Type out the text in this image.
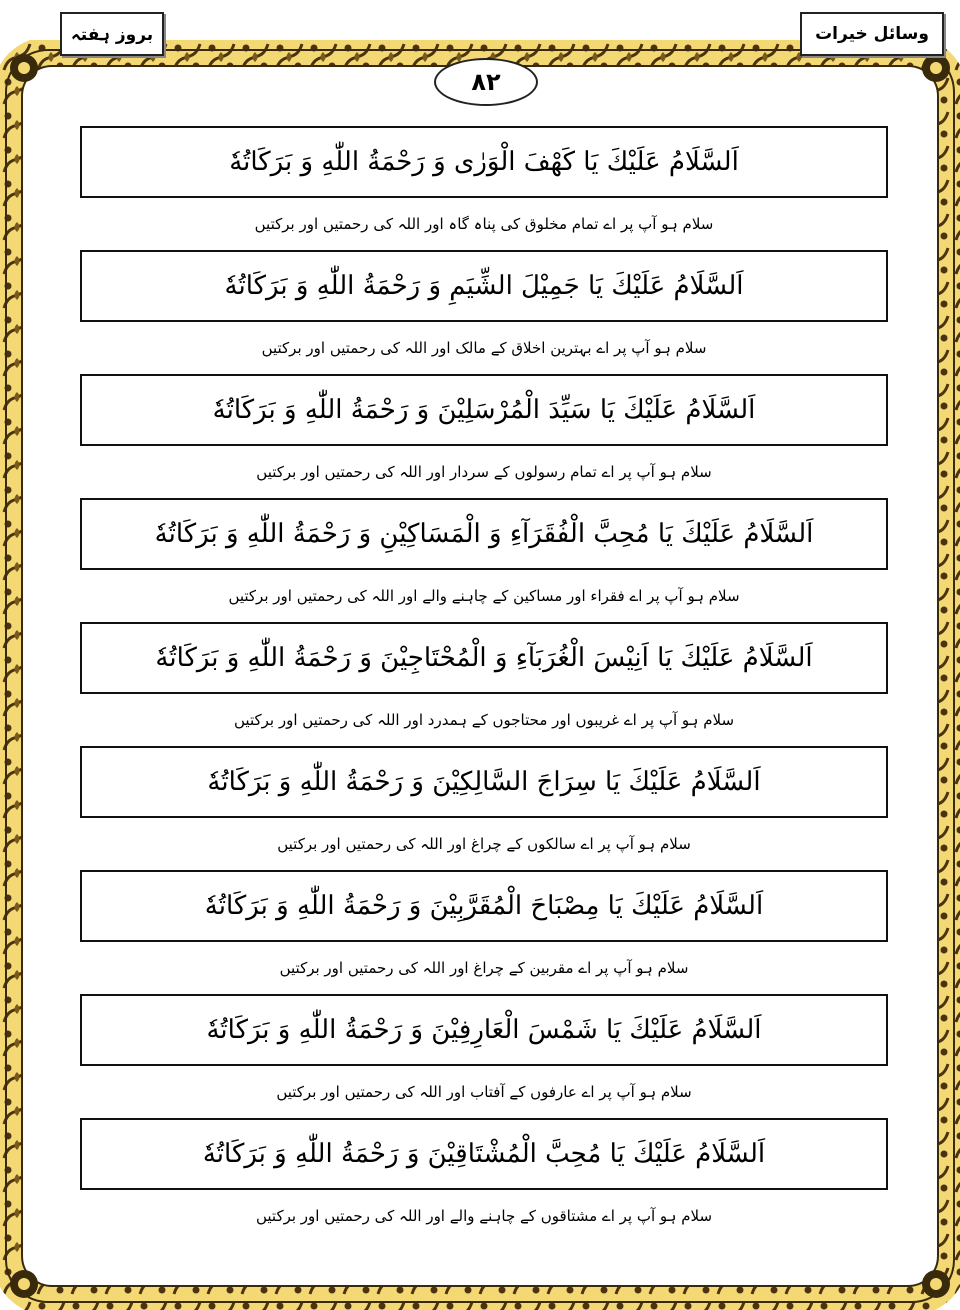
وسائل خیرات
بروز ہفتہ
۸۲
اَلسَّلَامُ عَلَيْكَ يَا كَهْفَ الْوَرٰى وَ رَحْمَةُ اللّٰهِ وَ بَرَكَاتُهٗ
سلام ہو آپ پر اے تمام مخلوق کی پناہ گاہ اور اللہ کی رحمتیں اور برکتیں
اَلسَّلَامُ عَلَيْكَ يَا جَمِيْلَ الشِّيَمِ وَ رَحْمَةُ اللّٰهِ وَ بَرَكَاتُهٗ
سلام ہو آپ پر اے بہترین اخلاق کے مالک اور اللہ کی رحمتیں اور برکتیں
اَلسَّلَامُ عَلَيْكَ يَا سَيِّدَ الْمُرْسَلِيْنَ وَ رَحْمَةُ اللّٰهِ وَ بَرَكَاتُهٗ
سلام ہو آپ پر اے تمام رسولوں کے سردار اور اللہ کی رحمتیں اور برکتیں
اَلسَّلَامُ عَلَيْكَ يَا مُحِبَّ الْفُقَرَآءِ وَ الْمَسَاكِيْنِ وَ رَحْمَةُ اللّٰهِ وَ بَرَكَاتُهٗ
سلام ہو آپ پر اے فقراء اور مساکین کے چاہنے والے اور اللہ کی رحمتیں اور برکتیں
اَلسَّلَامُ عَلَيْكَ يَا اَنِيْسَ الْغُرَبَآءِ وَ الْمُحْتَاجِيْنَ وَ رَحْمَةُ اللّٰهِ وَ بَرَكَاتُهٗ
سلام ہو آپ پر اے غریبوں اور محتاجوں کے ہمدرد اور اللہ کی رحمتیں اور برکتیں
اَلسَّلَامُ عَلَيْكَ يَا سِرَاجَ السَّالِكِيْنَ وَ رَحْمَةُ اللّٰهِ وَ بَرَكَاتُهٗ
سلام ہو آپ پر اے سالکوں کے چراغ اور اللہ کی رحمتیں اور برکتیں
اَلسَّلَامُ عَلَيْكَ يَا مِصْبَاحَ الْمُقَرَّبِيْنَ وَ رَحْمَةُ اللّٰهِ وَ بَرَكَاتُهٗ
سلام ہو آپ پر اے مقربین کے چراغ اور اللہ کی رحمتیں اور برکتیں
اَلسَّلَامُ عَلَيْكَ يَا شَمْسَ الْعَارِفِيْنَ وَ رَحْمَةُ اللّٰهِ وَ بَرَكَاتُهٗ
سلام ہو آپ پر اے عارفوں کے آفتاب اور اللہ کی رحمتیں اور برکتیں
اَلسَّلَامُ عَلَيْكَ يَا مُحِبَّ الْمُشْتَاقِيْنَ وَ رَحْمَةُ اللّٰهِ وَ بَرَكَاتُهٗ
سلام ہو آپ پر اے مشتاقوں کے چاہنے والے اور اللہ کی رحمتیں اور برکتیں
